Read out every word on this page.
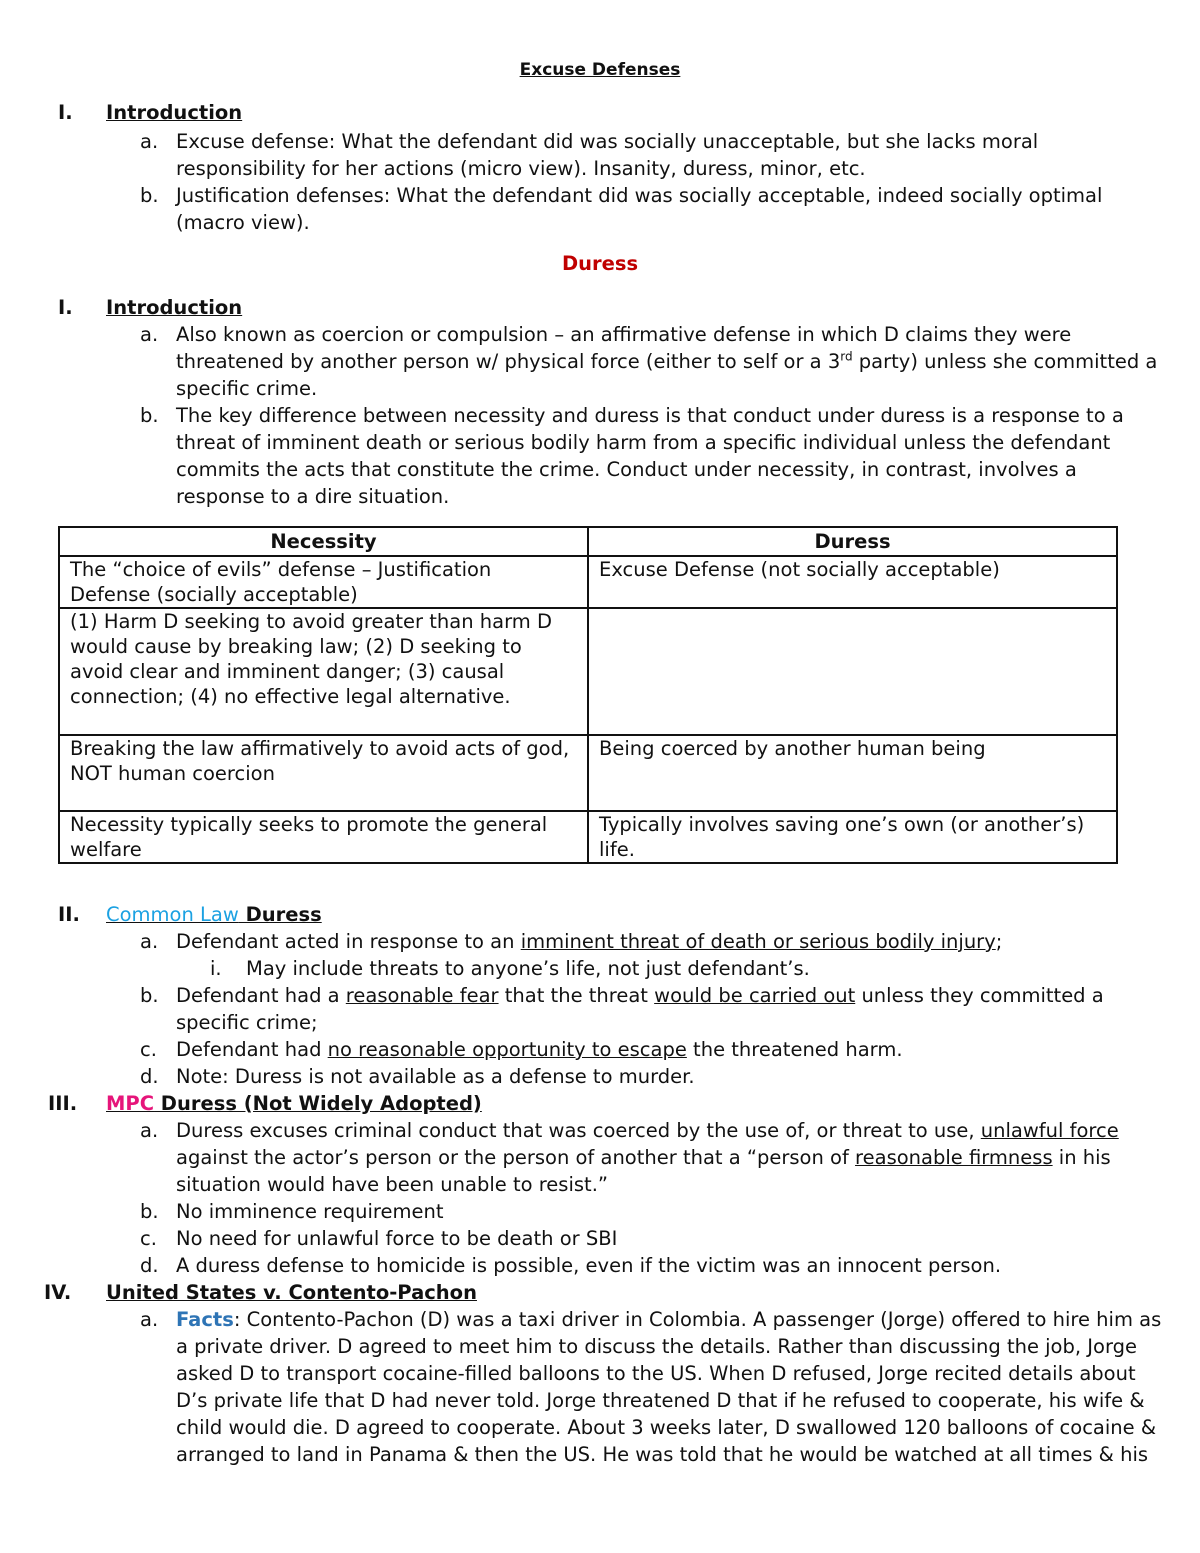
Excuse Defenses
I. Introduction
a. Excuse defense: What the defendant did was socially unacceptable, but she lacks moral responsibility for her actions (micro view). Insanity, duress, minor, etc.
b. Justification defenses: What the defendant did was socially acceptable, indeed socially optimal (macro view).
Duress
I. Introduction
a. Also known as coercion or compulsion – an affirmative defense in which D claims they were threatened by another person w/ physical force (either to self or a 3rd party) unless she committed a specific crime.
b. The key difference between necessity and duress is that conduct under duress is a response to a threat of imminent death or serious bodily harm from a specific individual unless the defendant commits the acts that constitute the crime. Conduct under necessity, in contrast, involves a response to a dire situation.
Necessity	Duress
The “choice of evils” defense – Justification Defense (socially acceptable)	Excuse Defense (not socially acceptable)
(1) Harm D seeking to avoid greater than harm D would cause by breaking law; (2) D seeking to avoid clear and imminent danger; (3) causal connection; (4) no effective legal alternative.	
Breaking the law affirmatively to avoid acts of god, NOT human coercion	Being coerced by another human being
Necessity typically seeks to promote the general welfare	Typically involves saving one’s own (or another’s) life.
II. Common Law Duress
a. Defendant acted in response to an imminent threat of death or serious bodily injury;
i. May include threats to anyone’s life, not just defendant’s.
b. Defendant had a reasonable fear that the threat would be carried out unless they committed a specific crime;
c. Defendant had no reasonable opportunity to escape the threatened harm.
d. Note: Duress is not available as a defense to murder.
III. MPC Duress (Not Widely Adopted)
a. Duress excuses criminal conduct that was coerced by the use of, or threat to use, unlawful force against the actor’s person or the person of another that a “person of reasonable firmness in his situation would have been unable to resist.”
b. No imminence requirement
c. No need for unlawful force to be death or SBI
d. A duress defense to homicide is possible, even if the victim was an innocent person.
IV. United States v. Contento-Pachon
a. Facts: Contento-Pachon (D) was a taxi driver in Colombia. A passenger (Jorge) offered to hire him as a private driver. D agreed to meet him to discuss the details. Rather than discussing the job, Jorge asked D to transport cocaine-filled balloons to the US. When D refused, Jorge recited details about D’s private life that D had never told. Jorge threatened D that if he refused to cooperate, his wife & child would die. D agreed to cooperate. About 3 weeks later, D swallowed 120 balloons of cocaine & arranged to land in Panama & then the US. He was told that he would be watched at all times & his
